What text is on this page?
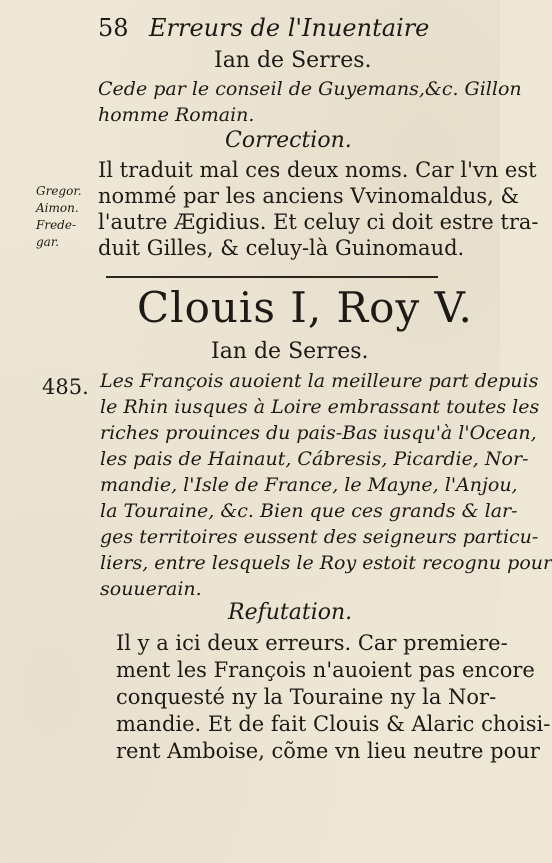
58 Erreurs de l'Inuentaire
Ian de Serres.
Cede par le conseil de Guyemans,&c. Gillon
homme Romain.
Correction.
Il traduit mal ces deux noms. Car l'vn est
nommé par les anciens Vvinomaldus, &
l'autre Ægidius. Et celuy ci doit estre tra-
duit Gilles, & celuy-là Guinomaud.
Gregor.
Aimon.
Frede-
gar.
Clouis I, Roy V.
Ian de Serres.
485. Les François auoient la meilleure part depuis
le Rhin iusques à Loire embrassant toutes les
riches prouinces du pais-Bas iusqu'à l'Ocean,
les pais de Hainaut, Cábresis, Picardie, Nor-
mandie, l'Isle de France, le Mayne, l'Anjou,
la Touraine, &c. Bien que ces grands & lar-
ges territoires eussent des seigneurs particu-
liers, entre lesquels le Roy estoit recognu pour
souuerain.
Refutation.
Il y a ici deux erreurs. Car premiere-
ment les François n'auoient pas encore
conquesté ny la Touraine ny la Nor-
mandie. Et de fait Clouis & Alaric choisi-
rent Amboise, cõme vn lieu neutre pour
